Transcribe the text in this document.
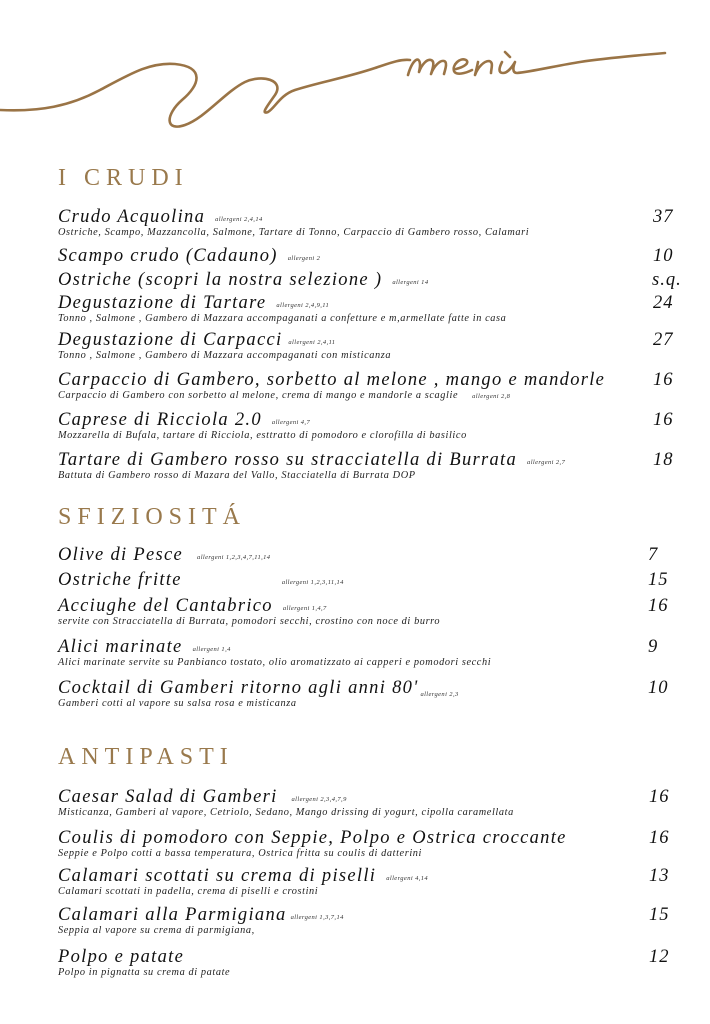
I CRUDI
Crudo Acquolina allergeni 2,4,14	37
Ostriche, Scampo, Mazzancolla, Salmone, Tartare di Tonno, Carpaccio di Gambero rosso, Calamari
Scampo crudo (Cadauno) allergeni 2	10
Ostriche (scopri la nostra selezione ) allergeni 14	s.q.
Degustazione di Tartare allergeni 2,4,9,11	24
Tonno , Salmone , Gambero di Mazzara accompaganati a confetture e m,armellate fatte in casa
Degustazione di Carpacci allergeni 2,4,11	27
Tonno , Salmone , Gambero di Mazzara accompaganati con misticanza
Carpaccio di Gambero, sorbetto al melone , mango e mandorle	16
Carpaccio di Gambero con sorbetto al melone, crema di mango e mandorle a scaglie allergeni 2,8
Caprese di Ricciola 2.0 allergeni 4,7	16
Mozzarella di Bufala, tartare di Ricciola, esttratto di pomodoro e clorofilla di basilico
Tartare di Gambero rosso su stracciatella di Burrata allergeni 2,7	18
Battuta di Gambero rosso di Mazara del Vallo, Stacciatella di Burrata DOP
SFIZIOSITÁ
Olive di Pesce allergeni 1,2,3,4,7,11,14	7
Ostriche fritte	allergeni 1,2,3,11,14	15
Acciughe del Cantabrico allergeni 1,4,7	16
servite con Stracciatella di Burrata, pomodori secchi, crostino con noce di burro
Alici marinate allergeni 1,4	9
Alici marinate servite su Panbianco tostato, olio aromatizzato ai capperi e pomodori secchi
Cocktail di Gamberi ritorno agli anni 80' allergeni 2,3	10
Gamberi cotti al vapore su salsa rosa e misticanza
ANTIPASTI
Caesar Salad di Gamberi allergeni 2,3,4,7,9	16
Misticanza, Gamberi al vapore, Cetriolo, Sedano, Mango drissing di yogurt, cipolla caramellata
Coulis di pomodoro con Seppie, Polpo e Ostrica croccante	16
Seppie e Polpo cotti a bassa temperatura, Ostrica fritta su coulis di datterini
Calamari scottati su crema di piselli allergeni 4,14	13
Calamari scottati in padella, crema di piselli e crostini
Calamari alla Parmigiana allergeni 1,3,7,14	15
Seppia al vapore su crema di parmigiana,
Polpo e patate	12
Polpo in pignatta su crema di patate
